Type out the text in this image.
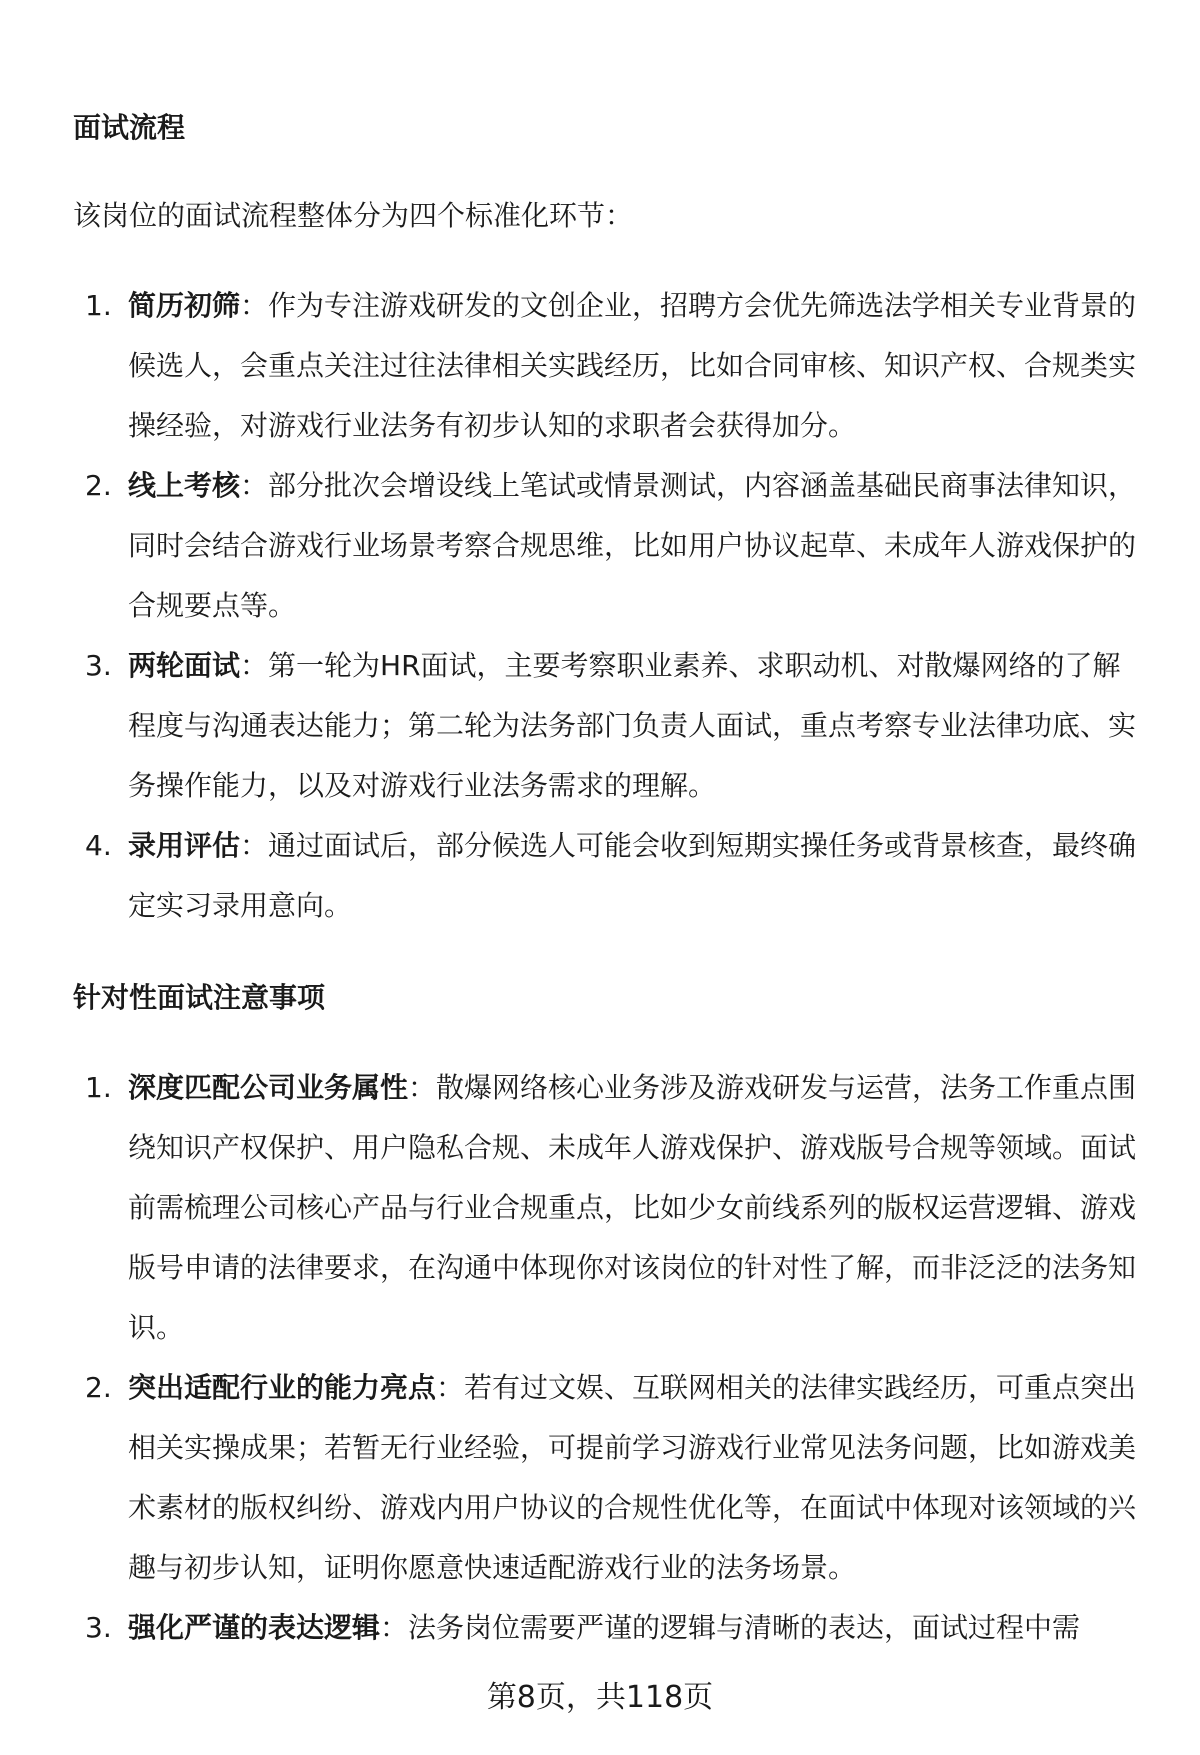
面试流程

该岗位的面试流程整体分为四个标准化环节：

1. 简历初筛：作为专注游戏研发的文创企业，招聘方会优先筛选法学相关专业背景的候选人，会重点关注过往法律相关实践经历，比如合同审核、知识产权、合规类实操经验，对游戏行业法务有初步认知的求职者会获得加分。
2. 线上考核：部分批次会增设线上笔试或情景测试，内容涵盖基础民商事法律知识，同时会结合游戏行业场景考察合规思维，比如用户协议起草、未成年人游戏保护的合规要点等。
3. 两轮面试：第一轮为HR面试，主要考察职业素养、求职动机、对散爆网络的了解程度与沟通表达能力；第二轮为法务部门负责人面试，重点考察专业法律功底、实务操作能力，以及对游戏行业法务需求的理解。
4. 录用评估：通过面试后，部分候选人可能会收到短期实操任务或背景核查，最终确定实习录用意向。
针对性面试注意事项
1. 深度匹配公司业务属性：散爆网络核心业务涉及游戏研发与运营，法务工作重点围绕知识产权保护、用户隐私合规、未成年人游戏保护、游戏版号合规等领域。面试前需梳理公司核心产品与行业合规重点，比如少女前线系列的版权运营逻辑、游戏版号申请的法律要求，在沟通中体现你对该岗位的针对性了解，而非泛泛的法务知识。
2. 突出适配行业的能力亮点：若有过文娱、互联网相关的法律实践经历，可重点突出相关实操成果；若暂无行业经验，可提前学习游戏行业常见法务问题，比如游戏美术素材的版权纠纷、游戏内用户协议的合规性优化等，在面试中体现对该领域的兴趣与初步认知，证明你愿意快速适配游戏行业的法务场景。
3. 强化严谨的表达逻辑：法务岗位需要严谨的逻辑与清晰的表达，面试过程中需
第8页，共118页
